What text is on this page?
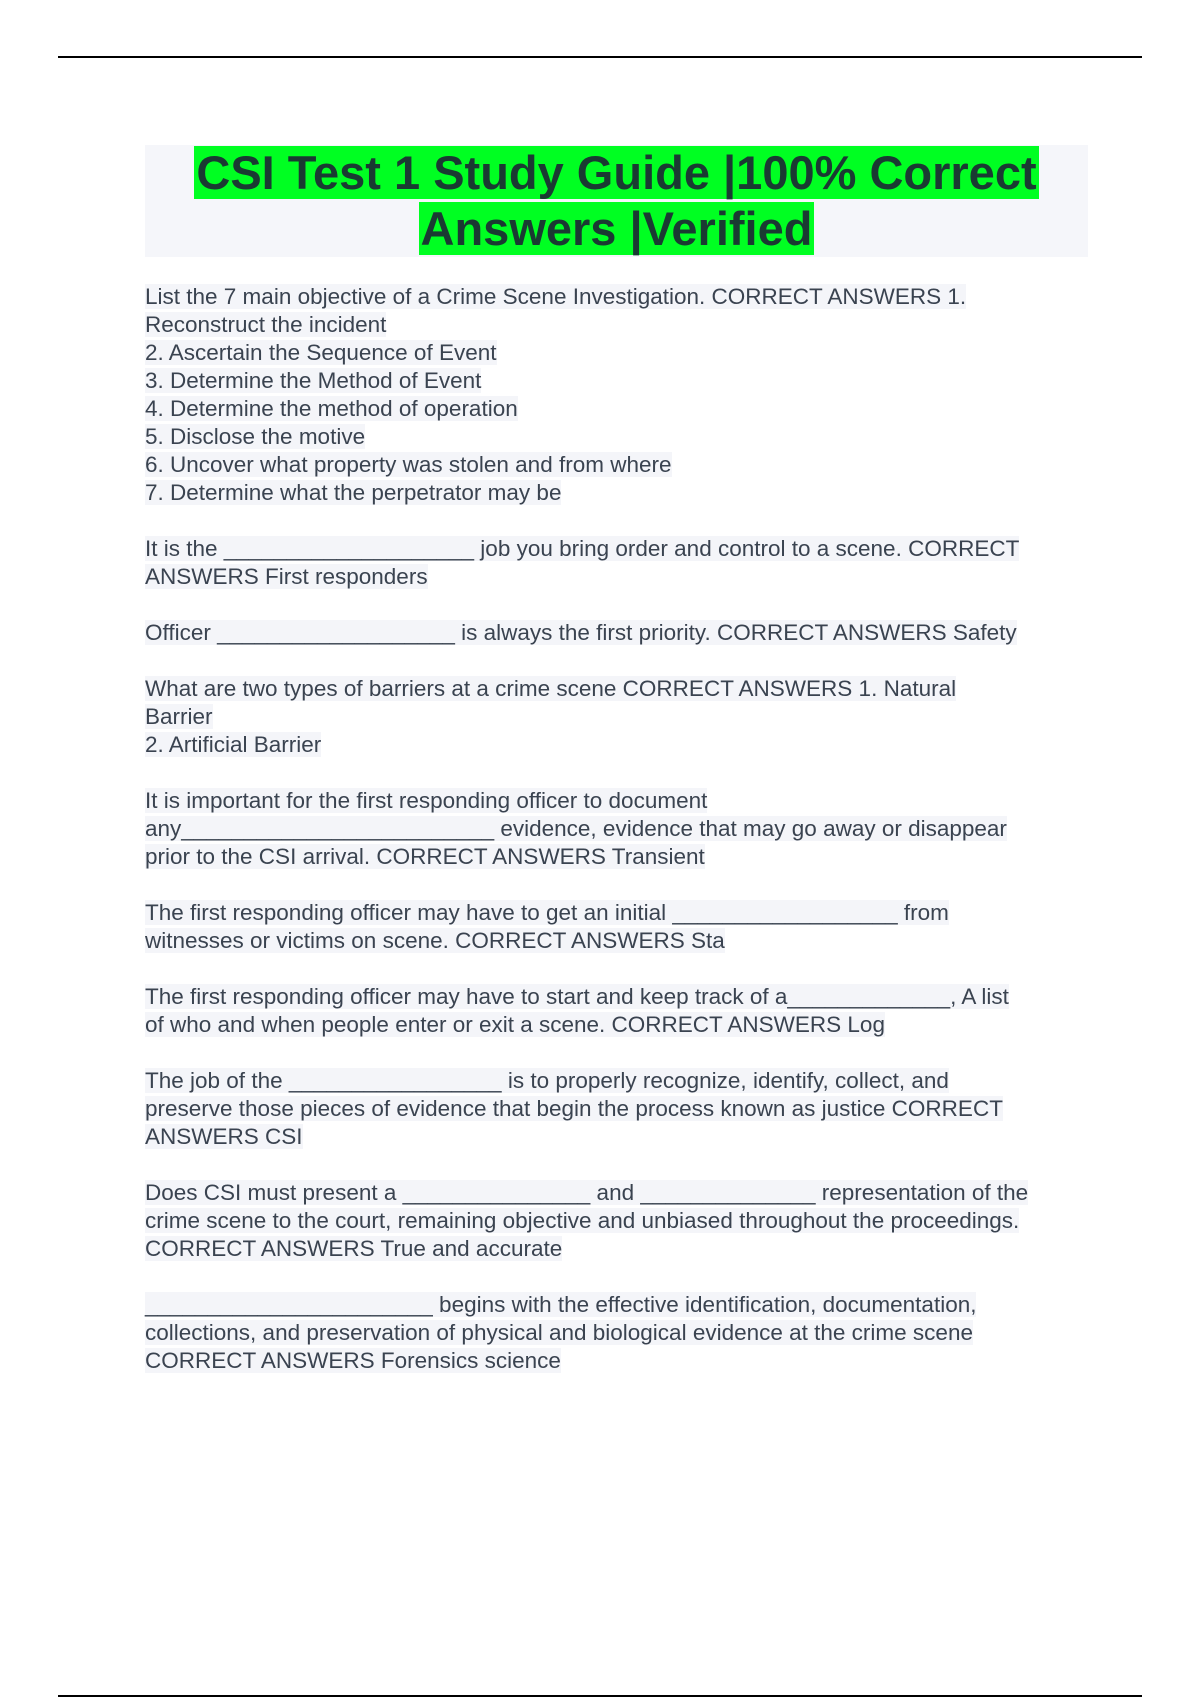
CSI Test 1 Study Guide |100% Correct
Answers |Verified
List the 7 main objective of a Crime Scene Investigation. CORRECT ANSWERS 1.
Reconstruct the incident
2. Ascertain the Sequence of Event
3. Determine the Method of Event
4. Determine the method of operation
5. Disclose the motive
6. Uncover what property was stolen and from where
7. Determine what the perpetrator may be
It is the ____________________ job you bring order and control to a scene. CORRECT
ANSWERS First responders
Officer ___________________ is always the first priority. CORRECT ANSWERS Safety
What are two types of barriers at a crime scene CORRECT ANSWERS 1. Natural
Barrier
2. Artificial Barrier
It is important for the first responding officer to document
any_________________________ evidence, evidence that may go away or disappear
prior to the CSI arrival. CORRECT ANSWERS Transient
The first responding officer may have to get an initial __________________ from
witnesses or victims on scene. CORRECT ANSWERS Sta
The first responding officer may have to start and keep track of a_____________, A list
of who and when people enter or exit a scene. CORRECT ANSWERS Log
The job of the _________________ is to properly recognize, identify, collect, and
preserve those pieces of evidence that begin the process known as justice CORRECT
ANSWERS CSI
Does CSI must present a _______________ and ______________ representation of the
crime scene to the court, remaining objective and unbiased throughout the proceedings.
CORRECT ANSWERS True and accurate
_______________________ begins with the effective identification, documentation,
collections, and preservation of physical and biological evidence at the crime scene
CORRECT ANSWERS Forensics science
